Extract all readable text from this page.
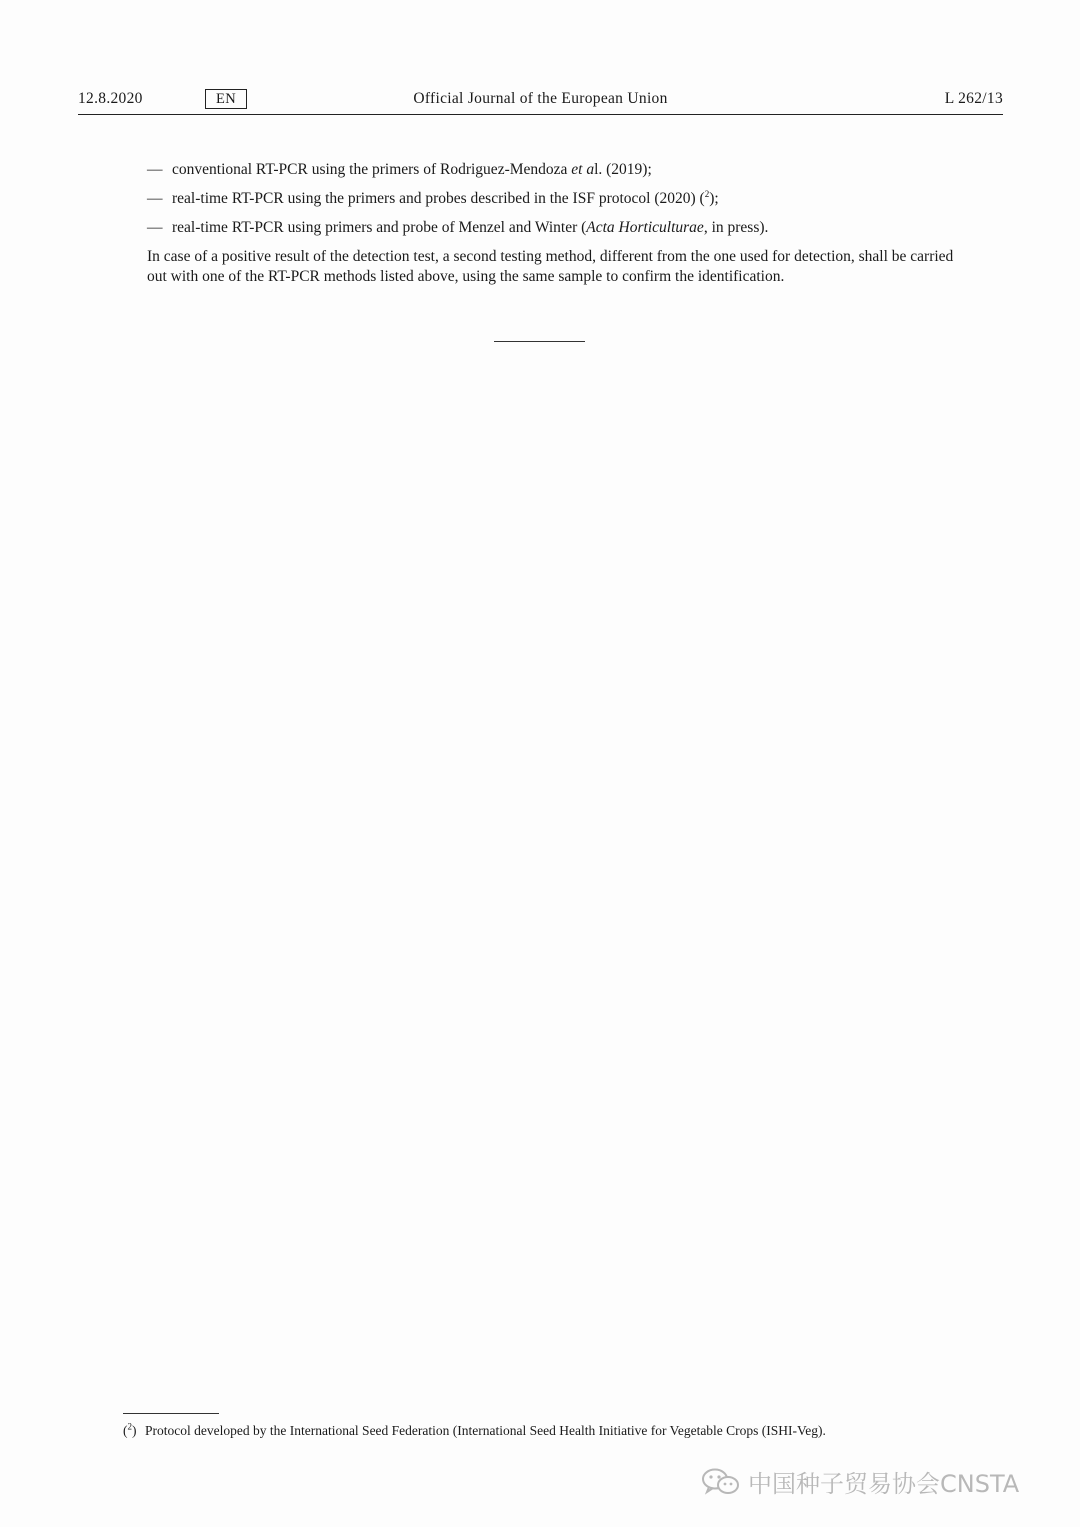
12.8.2020	EN	Official Journal of the European Union	L 262/13
— conventional RT-PCR using the primers of Rodriguez-Mendoza et al. (2019);
— real-time RT-PCR using the primers and probes described in the ISF protocol (2020) ($^2$);
— real-time RT-PCR using primers and probe of Menzel and Winter (Acta Horticulturae, in press).

In case of a positive result of the detection test, a second testing method, different from the one used for detection, shall be carried out with one of the RT-PCR methods listed above, using the same sample to confirm the identification.

($^2$) Protocol developed by the International Seed Federation (International Seed Health Initiative for Vegetable Crops (ISHI-Veg).
中国种子贸易协会CNSTA
